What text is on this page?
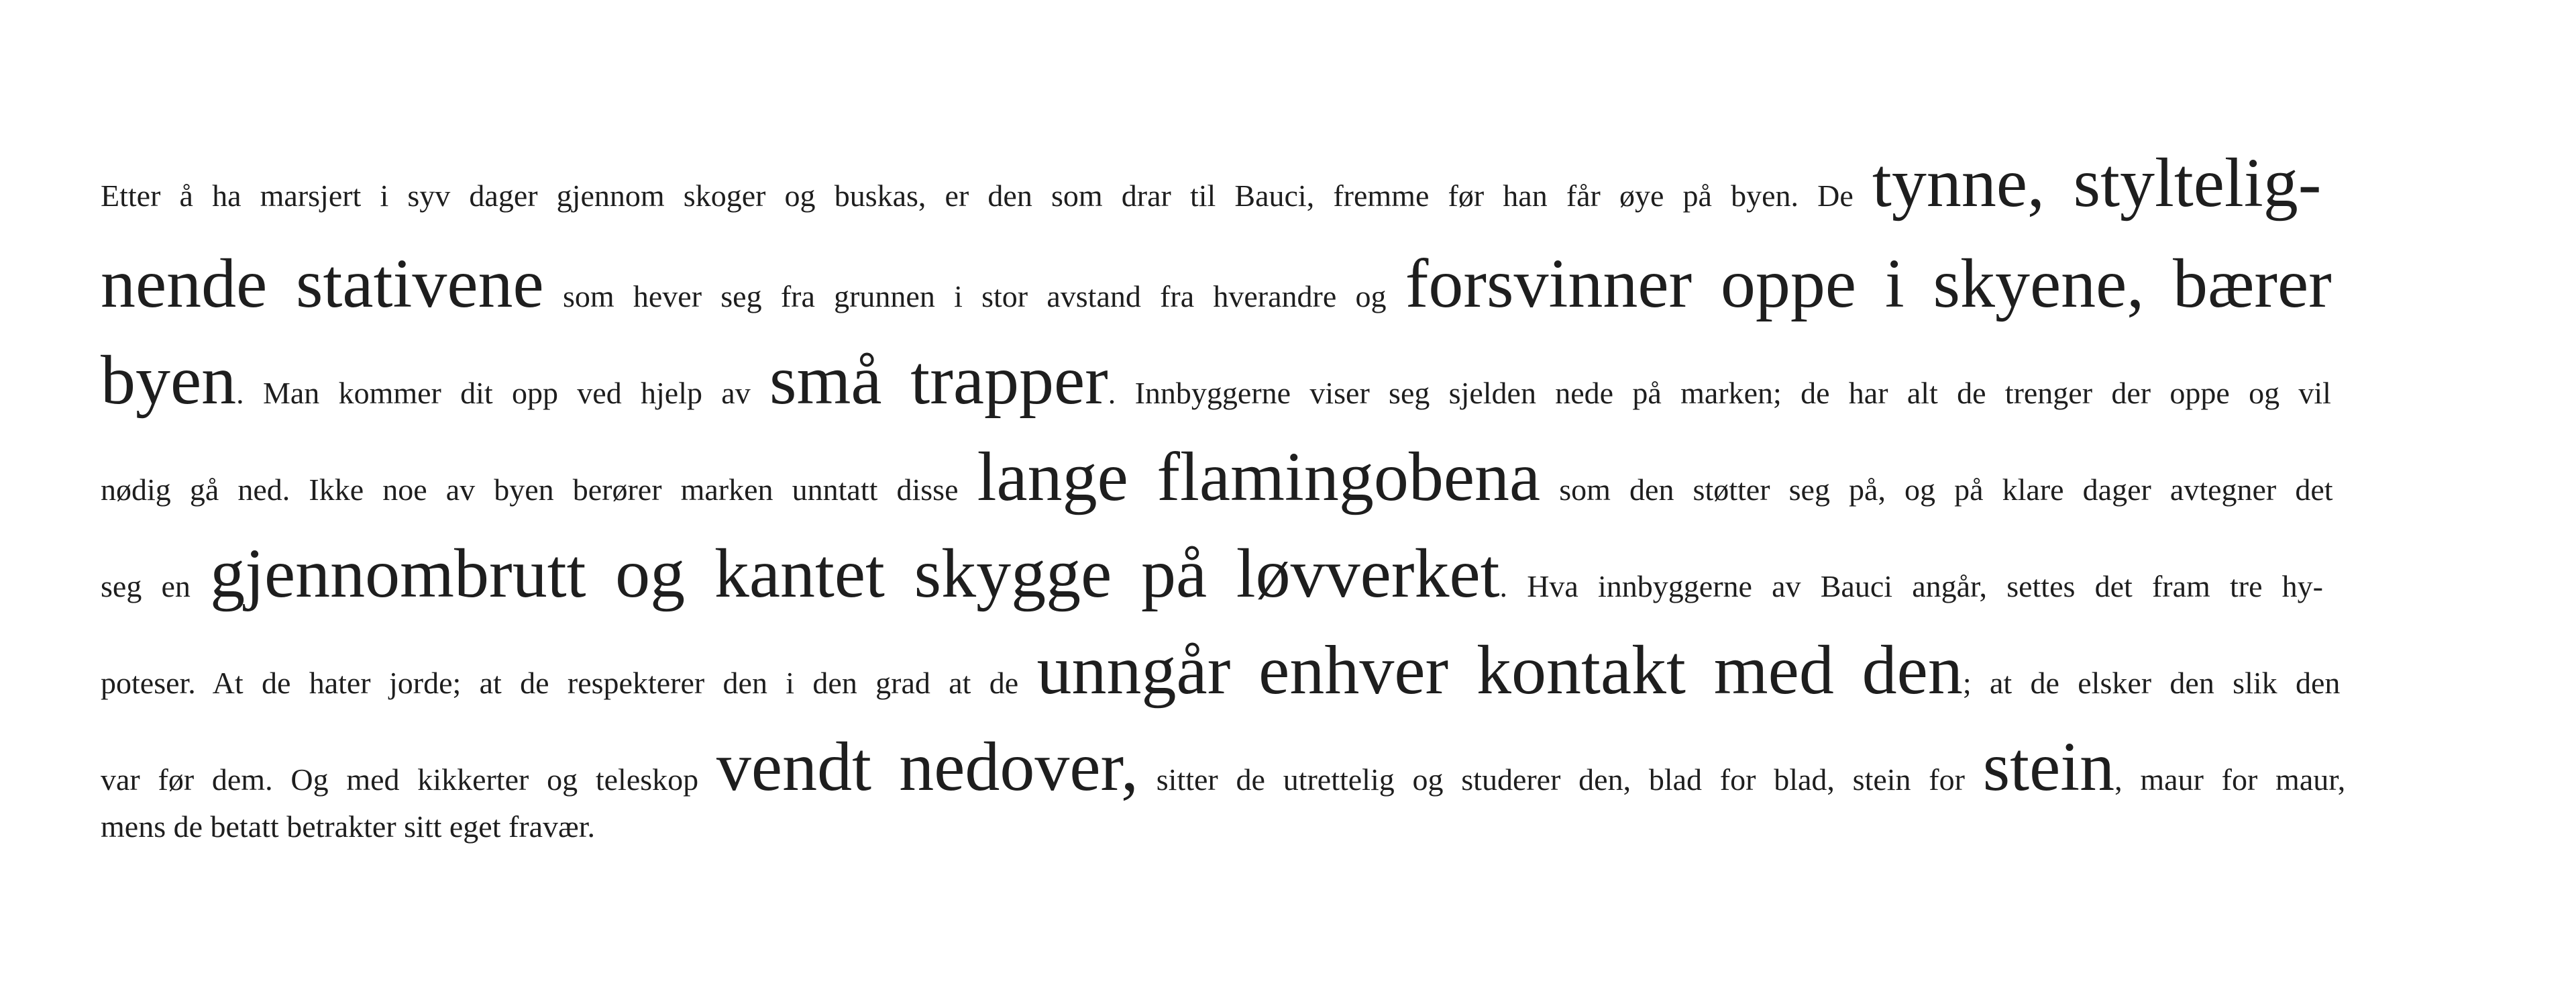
Etter å ha marsjert i syv dager gjennom skoger og buskas, er den som drar til Bauci, fremme før han får øye på byen. De tynne, styltelig-
nende stativene som hever seg fra grunnen i stor avstand fra hverandre og forsvinner oppe i skyene, bærer
byen. Man kommer dit opp ved hjelp av små trapper. Innbyggerne viser seg sjelden nede på marken; de har alt de trenger der oppe og vil
nødig gå ned. Ikke noe av byen berører marken unntatt disse lange flamingobena som den støtter seg på, og på klare dager avtegner det
seg en gjennombrutt og kantet skygge på løvverket. Hva innbyggerne av Bauci angår, settes det fram tre hy-
poteser. At de hater jorde; at de respekterer den i den grad at de unngår enhver kontakt med den; at de elsker den slik den
var før dem. Og med kikkerter og teleskop vendt nedover, sitter de utrettelig og studerer den, blad for blad, stein for stein, maur for maur,
mens de betatt betrakter sitt eget fravær.
